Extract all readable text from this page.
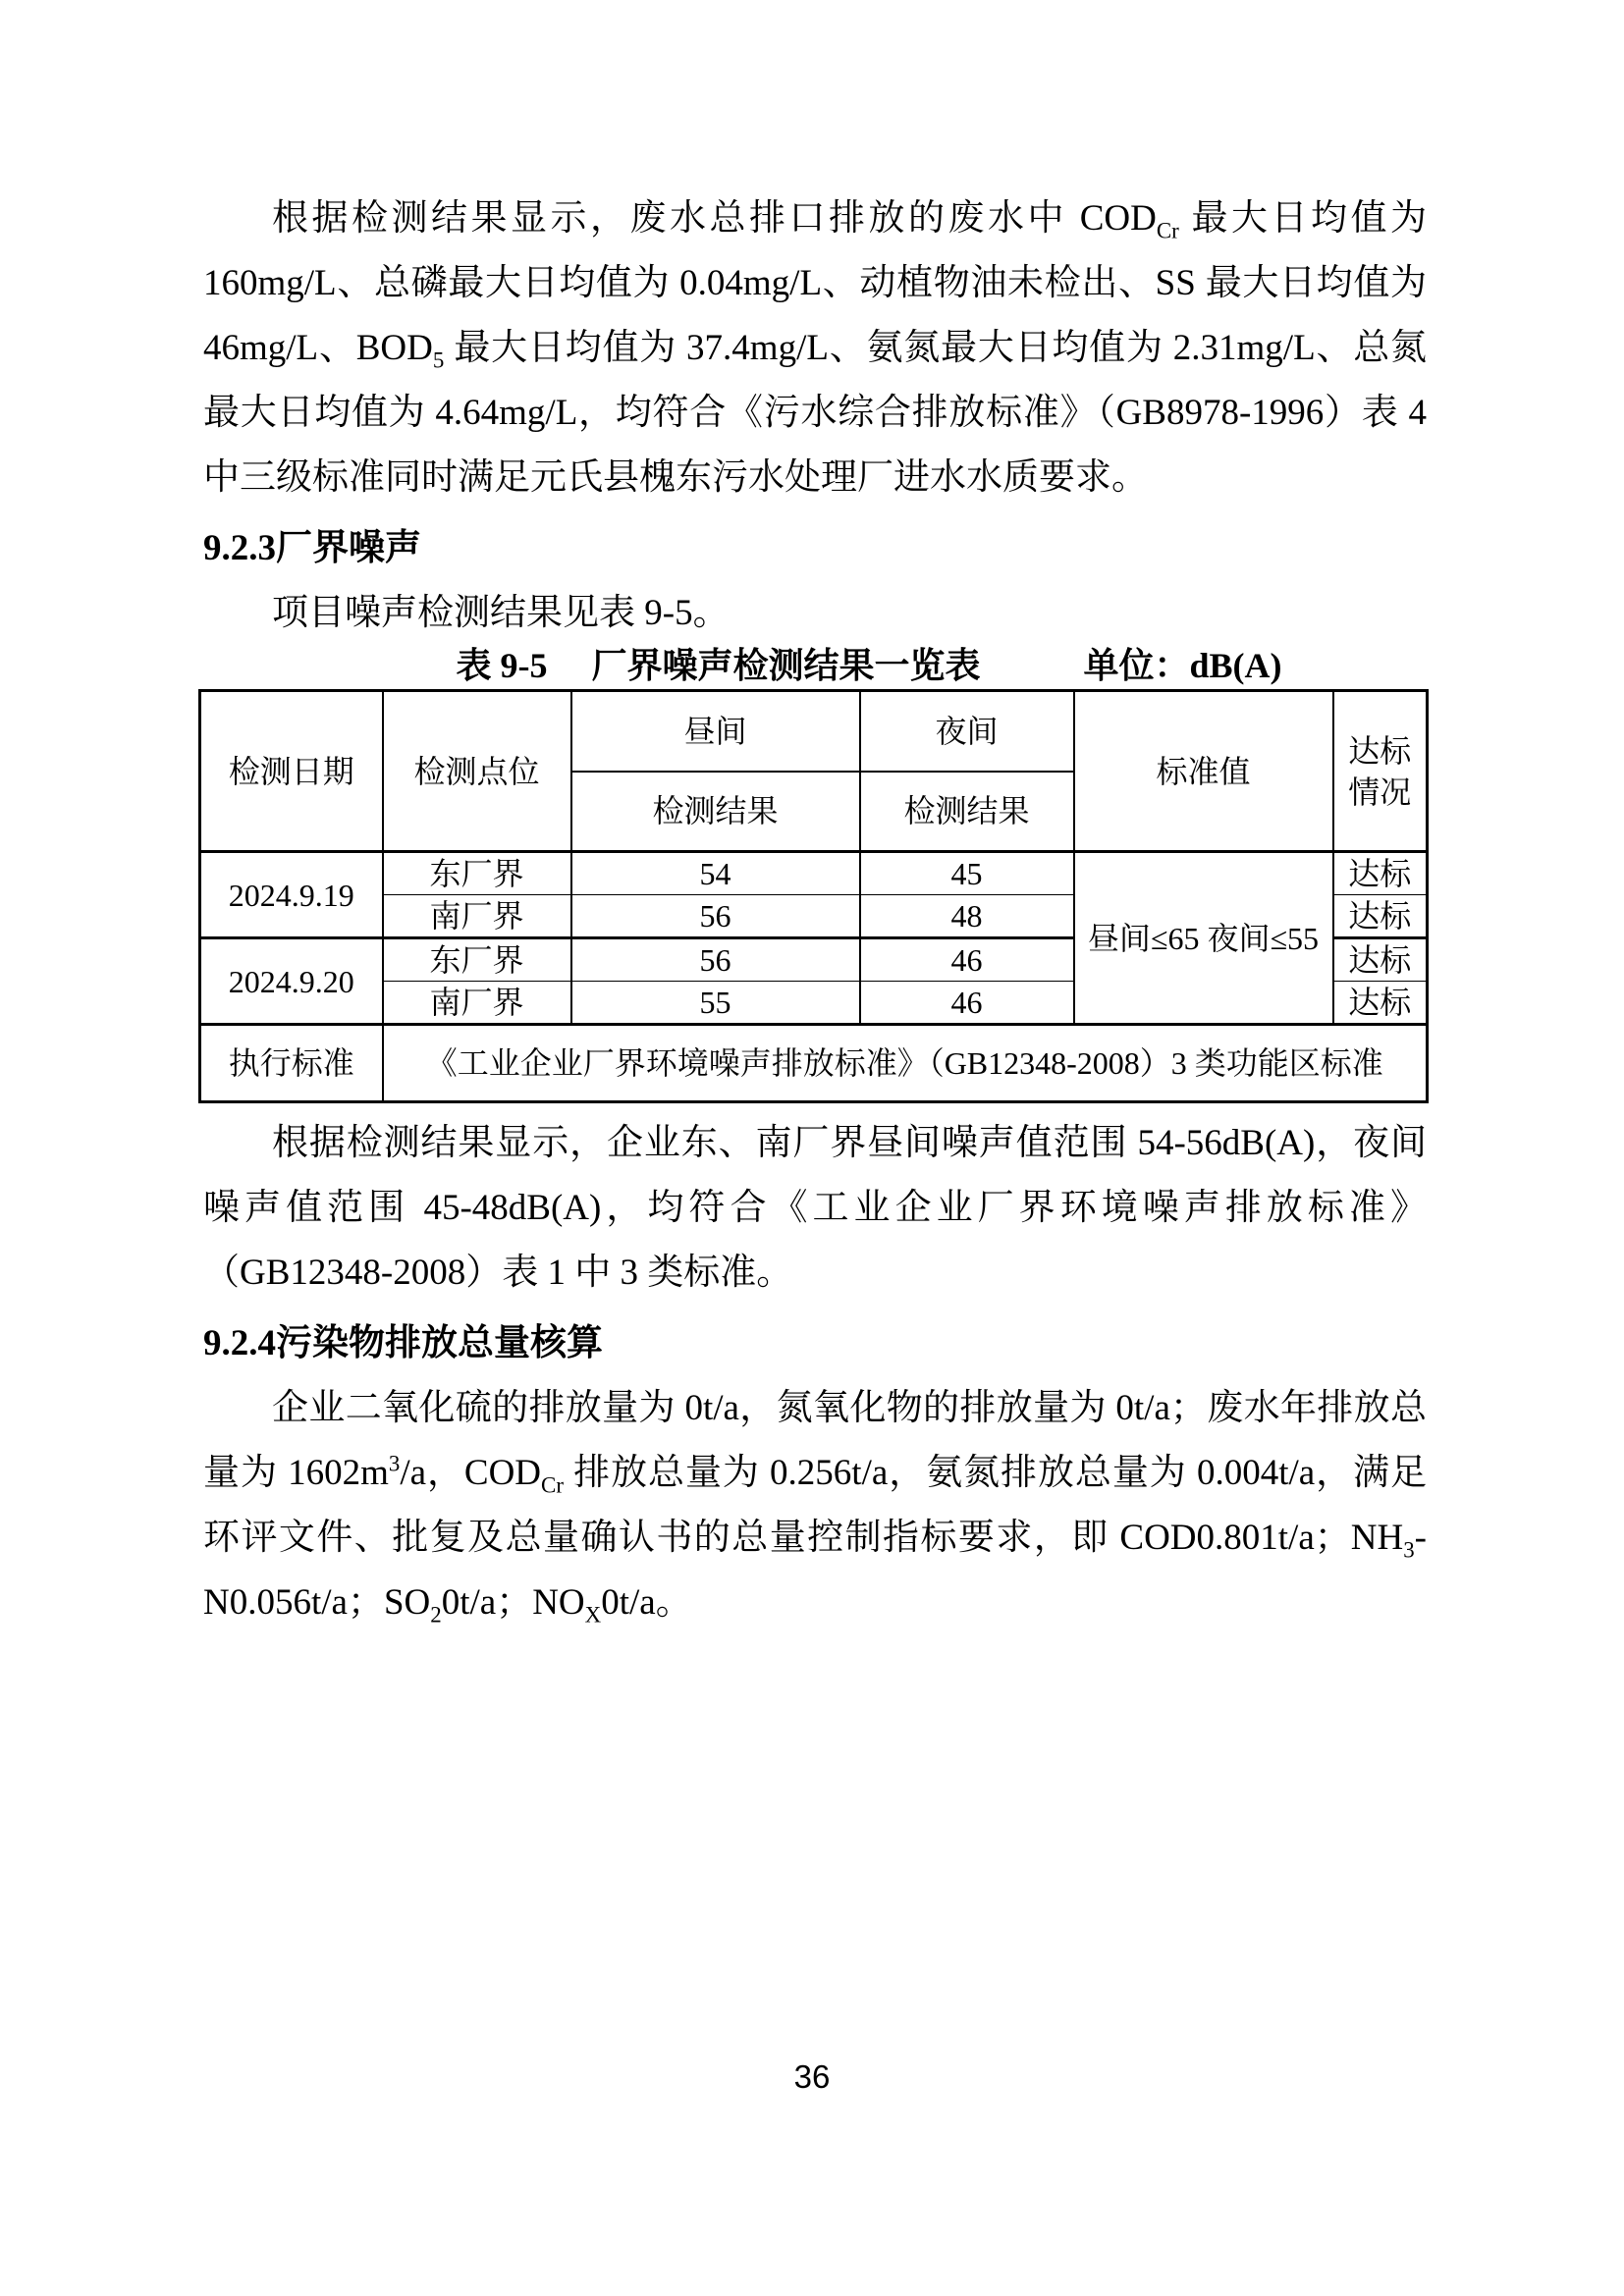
根据检测结果显示，废水总排口排放的废水中 $COD_{Cr}$ 最大日均值为 160mg/L、总磷最大日均值为 0.04mg/L、动植物油未检出、SS 最大日均值为 46mg/L、$BOD_5$ 最大日均值为 37.4mg/L、氨氮最大日均值为 2.31mg/L、总氮最大日均值为 4.64mg/L，均符合《污水综合排放标准》（GB8978-1996）表 4 中三级标准同时满足元氏县槐东污水处理厂进水水质要求。

9.2.3厂界噪声

项目噪声检测结果见表 9-5。

表 9-5 厂界噪声检测结果一览表	单位：dB(A)
检测日期	检测点位	昼间	夜间	标准值	达标情况
		检测结果	检测结果		
2024.9.19	东厂界	54	45	昼间≤65 夜间≤55	达标
	南厂界	56	48		达标
2024.9.20	东厂界	56	46		达标
	南厂界	55	46		达标
执行标准	《工业企业厂界环境噪声排放标准》（GB12348-2008）3 类功能区标准				

根据检测结果显示，企业东、南厂界昼间噪声值范围 54-56dB(A)，夜间噪声值范围 45-48dB(A)，均符合《工业企业厂界环境噪声排放标准》（GB12348-2008）表 1 中 3 类标准。

9.2.4污染物排放总量核算

企业二氧化硫的排放量为 0t/a，氮氧化物的排放量为 0t/a；废水年排放总量为 $1602m^3/a$，$COD_{Cr}$ 排放总量为 0.256t/a，氨氮排放总量为 0.004t/a，满足环评文件、批复及总量确认书的总量控制指标要求，即 COD0.801t/a；$NH_3-N0.056t/a$；$SO_20t/a$；$NO_X0t/a$。

36
